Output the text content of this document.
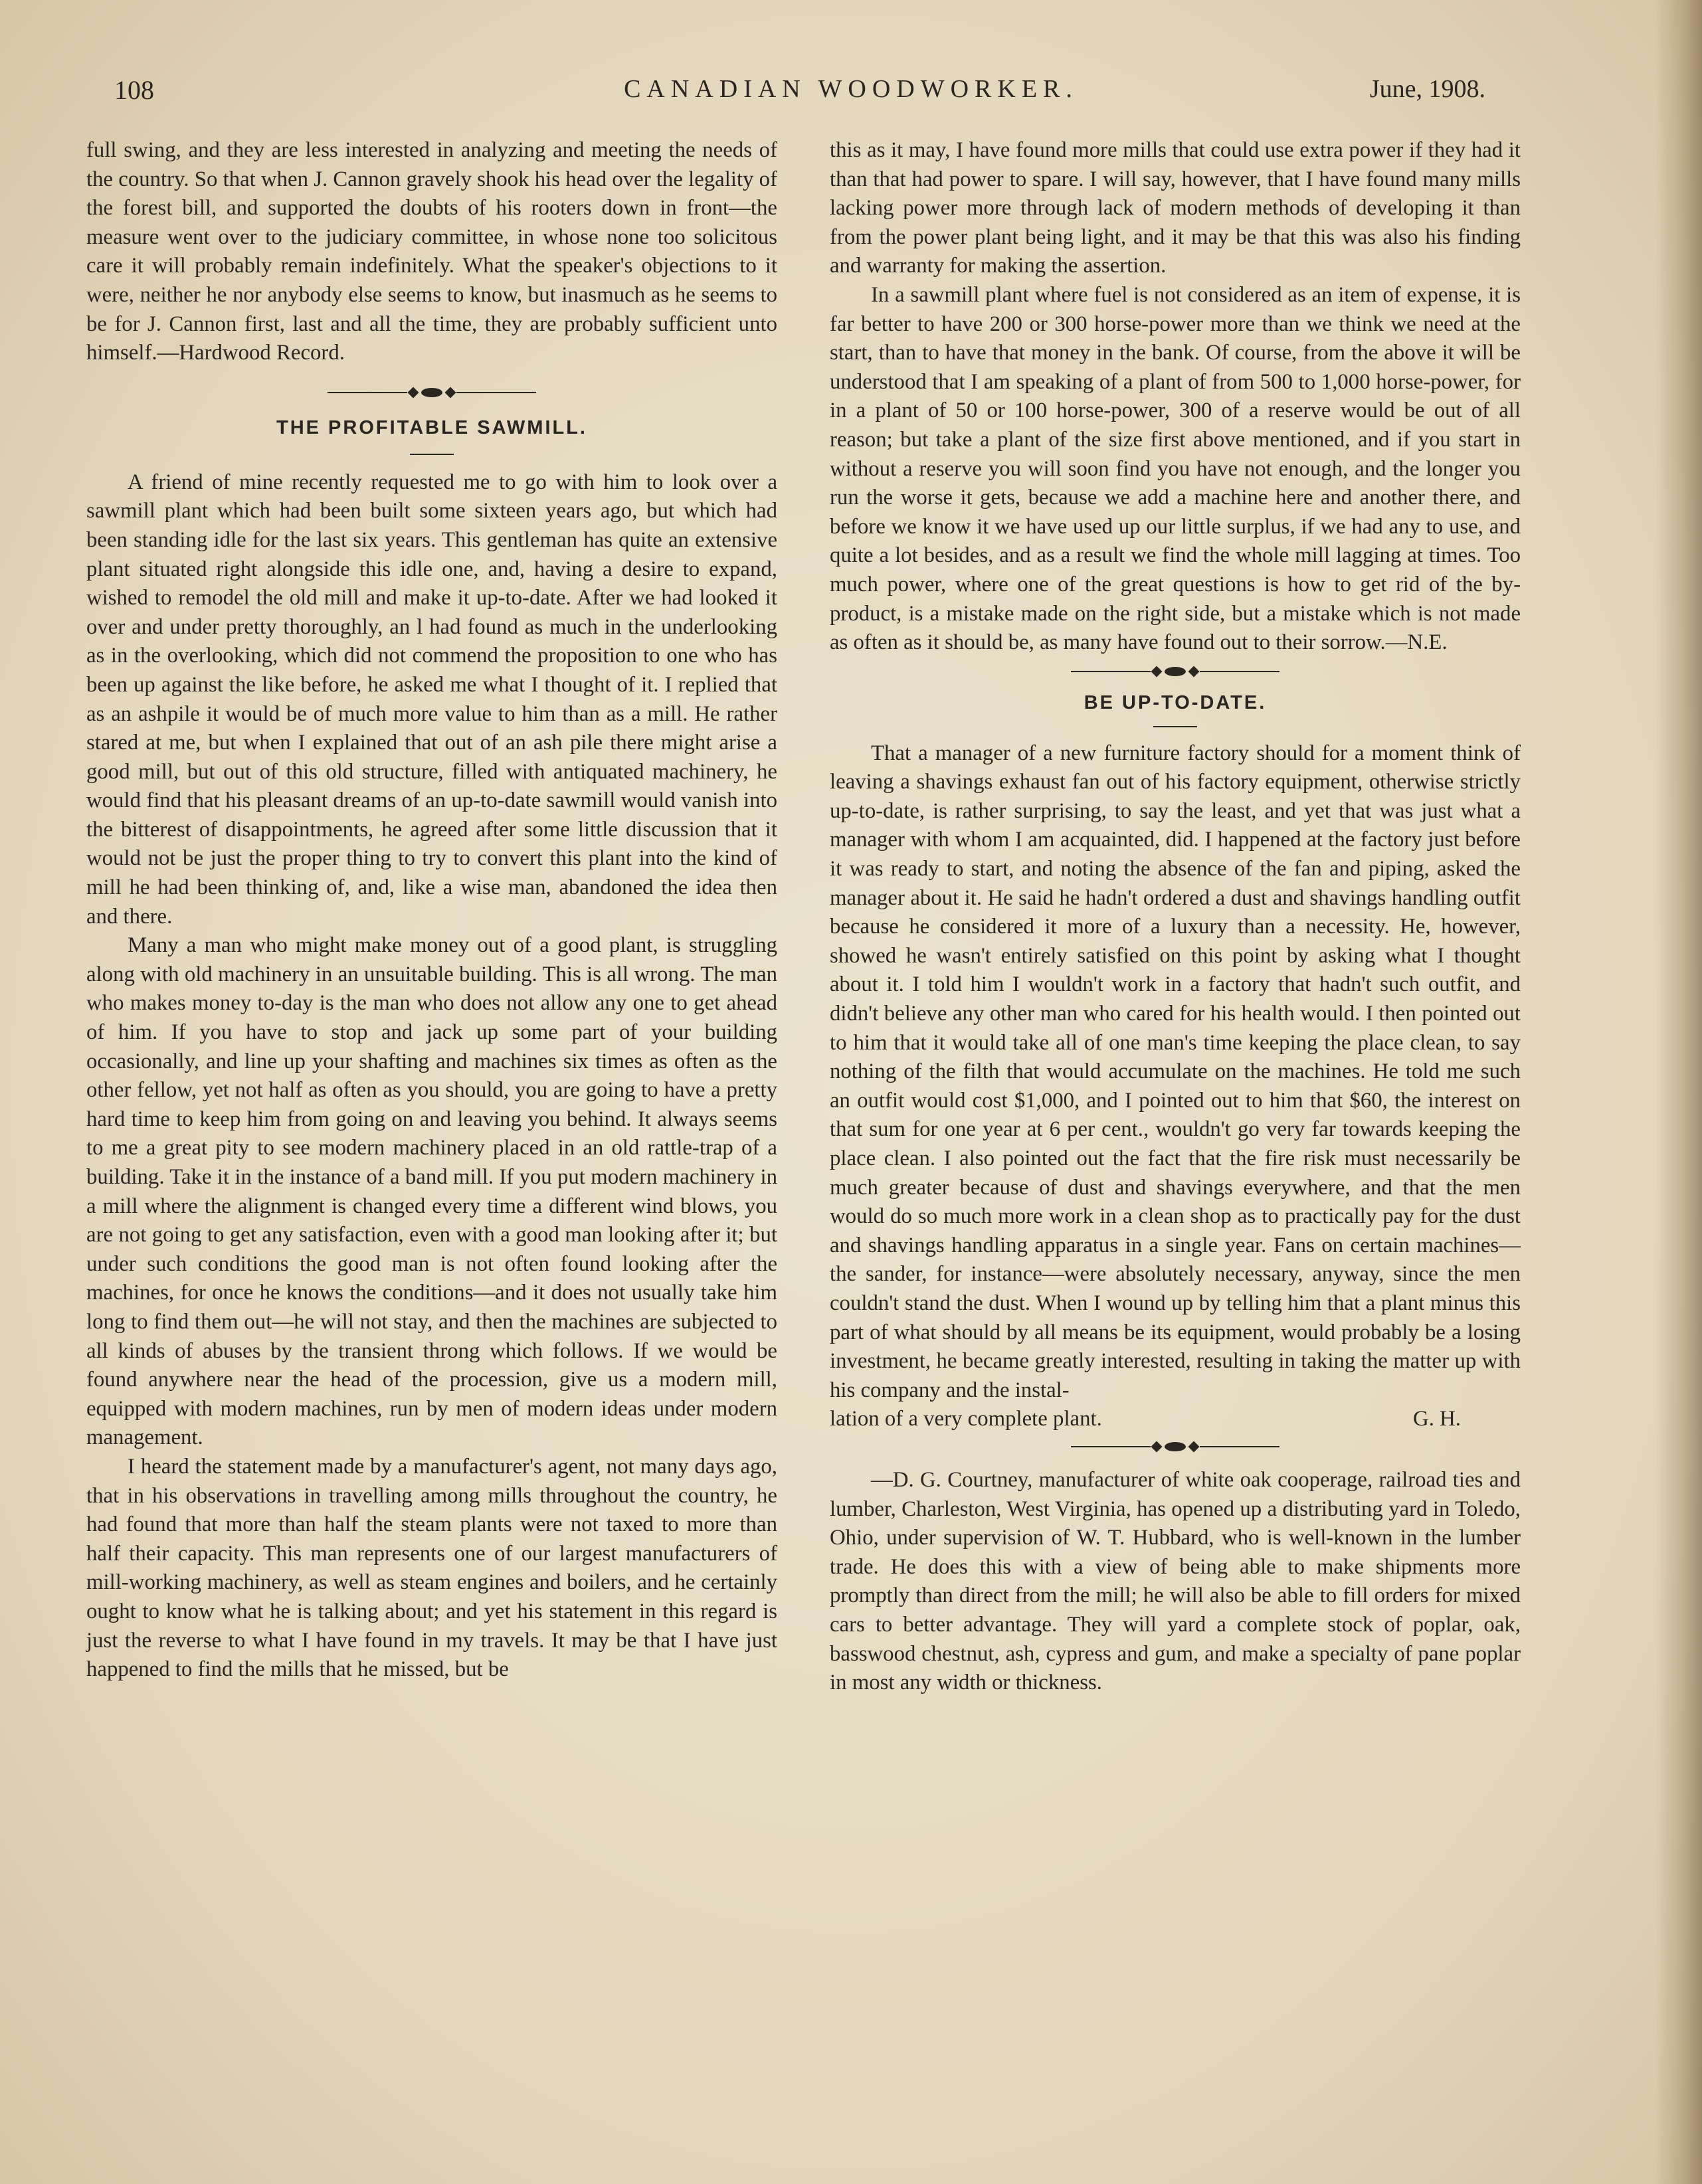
108	CANADIAN WOODWORKER.	June, 1908.

full swing, and they are less interested in analyzing and meeting the needs of the country. So that when J. Cannon gravely shook his head over the legality of the forest bill, and supported the doubts of his rooters down in front—the measure went over to the judiciary committee, in whose none too solicitous care it will probably remain indefinitely. What the speaker's objections to it were, neither he nor anybody else seems to know, but inasmuch as he seems to be for J. Cannon first, last and all the time, they are probably sufficient unto himself.—Hardwood Record.

THE PROFITABLE SAWMILL.

A friend of mine recently requested me to go with him to look over a sawmill plant which had been built some sixteen years ago, but which had been standing idle for the last six years. This gentleman has quite an extensive plant situated right alongside this idle one, and, having a desire to expand, wished to remodel the old mill and make it up-to-date. After we had looked it over and under pretty thoroughly, an l had found as much in the underlooking as in the overlooking, which did not commend the proposition to one who has been up against the like before, he asked me what I thought of it. I replied that as an ashpile it would be of much more value to him than as a mill. He rather stared at me, but when I explained that out of an ash pile there might arise a good mill, but out of this old structure, filled with antiquated machinery, he would find that his pleasant dreams of an up-to-date sawmill would vanish into the bitterest of disappointments, he agreed after some little discussion that it would not be just the proper thing to try to convert this plant into the kind of mill he had been thinking of, and, like a wise man, abandoned the idea then and there.

Many a man who might make money out of a good plant, is struggling along with old machinery in an unsuitable building. This is all wrong. The man who makes money to-day is the man who does not allow any one to get ahead of him. If you have to stop and jack up some part of your building occasionally, and line up your shafting and machines six times as often as the other fellow, yet not half as often as you should, you are going to have a pretty hard time to keep him from going on and leaving you behind. It always seems to me a great pity to see modern machinery placed in an old rattle-trap of a building. Take it in the instance of a band mill. If you put modern machinery in a mill where the alignment is changed every time a different wind blows, you are not going to get any satisfaction, even with a good man looking after it; but under such conditions the good man is not often found looking after the machines, for once he knows the conditions—and it does not usually take him long to find them out—he will not stay, and then the machines are subjected to all kinds of abuses by the transient throng which follows. If we would be found anywhere near the head of the procession, give us a modern mill, equipped with modern machines, run by men of modern ideas under modern management.

I heard the statement made by a manufacturer's agent, not many days ago, that in his observations in travelling among mills throughout the country, he had found that more than half the steam plants were not taxed to more than half their capacity. This man represents one of our largest manufacturers of mill-working machinery, as well as steam engines and boilers, and he certainly ought to know what he is talking about; and yet his statement in this regard is just the reverse to what I have found in my travels. It may be that I have just happened to find the mills that he missed, but be

this as it may, I have found more mills that could use extra power if they had it than that had power to spare. I will say, however, that I have found many mills lacking power more through lack of modern methods of developing it than from the power plant being light, and it may be that this was also his finding and warranty for making the assertion.

In a sawmill plant where fuel is not considered as an item of expense, it is far better to have 200 or 300 horse-power more than we think we need at the start, than to have that money in the bank. Of course, from the above it will be understood that I am speaking of a plant of from 500 to 1,000 horse-power, for in a plant of 50 or 100 horse-power, 300 of a reserve would be out of all reason; but take a plant of the size first above mentioned, and if you start in without a reserve you will soon find you have not enough, and the longer you run the worse it gets, because we add a machine here and another there, and before we know it we have used up our little surplus, if we had any to use, and quite a lot besides, and as a result we find the whole mill lagging at times. Too much power, where one of the great questions is how to get rid of the by-product, is a mistake made on the right side, but a mistake which is not made as often as it should be, as many have found out to their sorrow.—N.E.

BE UP-TO-DATE.

That a manager of a new furniture factory should for a moment think of leaving a shavings exhaust fan out of his factory equipment, otherwise strictly up-to-date, is rather surprising, to say the least, and yet that was just what a manager with whom I am acquainted, did. I happened at the factory just before it was ready to start, and noting the absence of the fan and piping, asked the manager about it. He said he hadn't ordered a dust and shavings handling outfit because he considered it more of a luxury than a necessity. He, however, showed he wasn't entirely satisfied on this point by asking what I thought about it. I told him I wouldn't work in a factory that hadn't such outfit, and didn't believe any other man who cared for his health would. I then pointed out to him that it would take all of one man's time keeping the place clean, to say nothing of the filth that would accumulate on the machines. He told me such an outfit would cost $1,000, and I pointed out to him that $60, the interest on that sum for one year at 6 per cent., wouldn't go very far towards keeping the place clean. I also pointed out the fact that the fire risk must necessarily be much greater because of dust and shavings everywhere, and that the men would do so much more work in a clean shop as to practically pay for the dust and shavings handling apparatus in a single year. Fans on certain machines—the sander, for instance—were absolutely necessary, anyway, since the men couldn't stand the dust. When I wound up by telling him that a plant minus this part of what should by all means be its equipment, would probably be a losing investment, he became greatly interested, resulting in taking the matter up with his company and the instal-

lation of a very complete plant.	G. H.

—D. G. Courtney, manufacturer of white oak cooperage, railroad ties and lumber, Charleston, West Virginia, has opened up a distributing yard in Toledo, Ohio, under supervision of W. T. Hubbard, who is well-known in the lumber trade. He does this with a view of being able to make shipments more promptly than direct from the mill; he will also be able to fill orders for mixed cars to better advantage. They will yard a complete stock of poplar, oak, basswood chestnut, ash, cypress and gum, and make a specialty of pane poplar in most any width or thickness.
